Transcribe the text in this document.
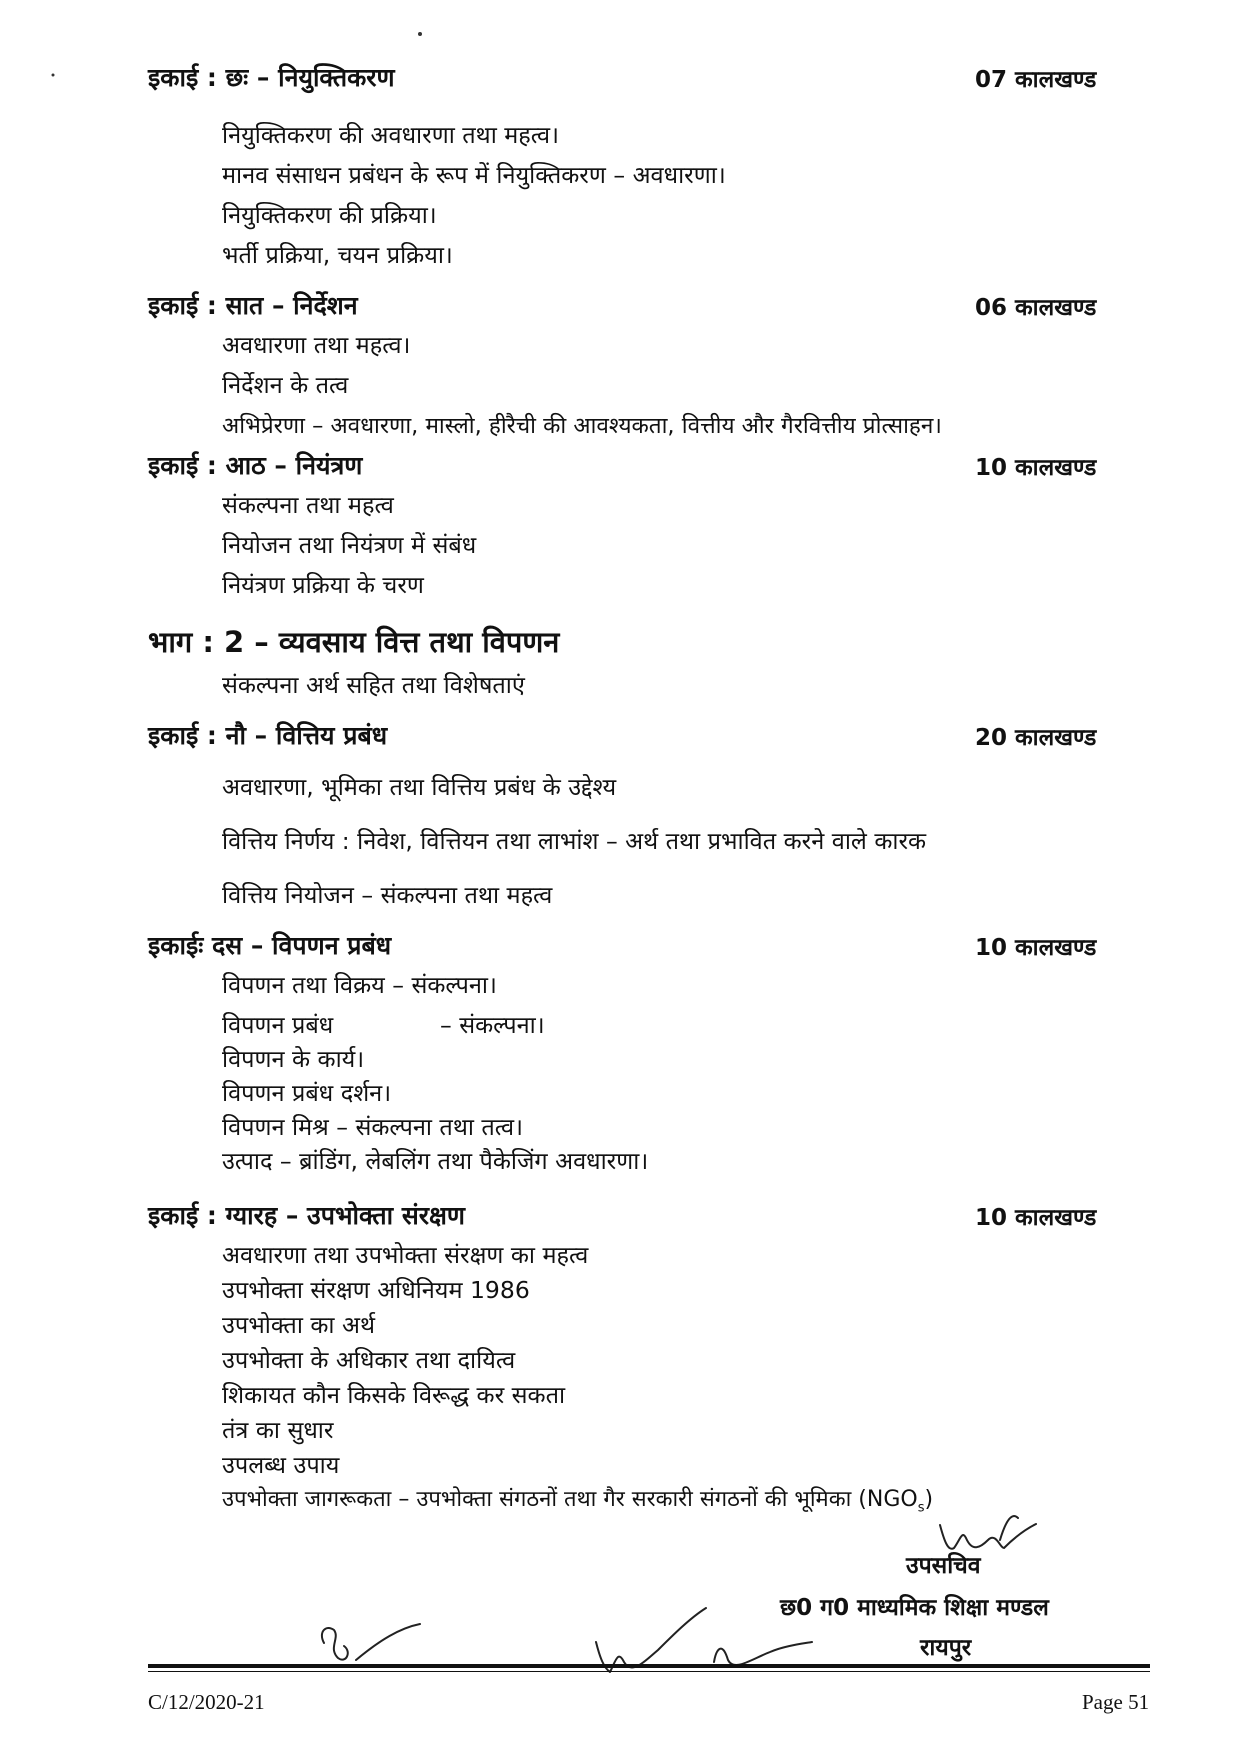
इकाई : छः – नियुक्तिकरण	07 कालखण्ड
नियुक्तिकरण की अवधारणा तथा महत्व।
मानव संसाधन प्रबंधन के रूप में नियुक्तिकरण – अवधारणा।
नियुक्तिकरण की प्रक्रिया।
भर्ती प्रक्रिया, चयन प्रक्रिया।
इकाई : सात – निर्देशन	06 कालखण्ड
अवधारणा तथा महत्व।
निर्देशन के तत्व
अभिप्रेरणा – अवधारणा, मास्लो, हीरैची की आवश्यकता, वित्तीय और गैरवित्तीय प्रोत्साहन।
इकाई : आठ – नियंत्रण	10 कालखण्ड
संकल्पना तथा महत्व
नियोजन तथा नियंत्रण में संबंध
नियंत्रण प्रक्रिया के चरण
भाग : 2 – व्यवसाय वित्त तथा विपणन
संकल्पना अर्थ सहित तथा विशेषताएं
इकाई : नौ – वित्तिय प्रबंध	20 कालखण्ड
अवधारणा, भूमिका तथा वित्तिय प्रबंध के उद्देश्य
वित्तिय निर्णय : निवेश, वित्तियन तथा लाभांश – अर्थ तथा प्रभावित करने वाले कारक
वित्तिय नियोजन – संकल्पना तथा महत्व
इकाईः दस – विपणन प्रबंध	10 कालखण्ड
विपणन तथा विक्रय – संकल्पना।
विपणन प्रबंध	– संकल्पना।
विपणन के कार्य।
विपणन प्रबंध दर्शन।
विपणन मिश्र – संकल्पना तथा तत्व।
उत्पाद – ब्रांडिंग, लेबलिंग तथा पैकेजिंग अवधारणा।
इकाई : ग्यारह – उपभोक्ता संरक्षण	10 कालखण्ड
अवधारणा तथा उपभोक्ता संरक्षण का महत्व
उपभोक्ता संरक्षण अधिनियम 1986
उपभोक्ता का अर्थ
उपभोक्ता के अधिकार तथा दायित्व
शिकायत कौन किसके विरूद्ध कर सकता
तंत्र का सुधार
उपलब्ध उपाय
उपभोक्ता जागरूकता – उपभोक्ता संगठनों तथा गैर सरकारी संगठनों की भूमिका $(NGO_s)$
उपसचिव
छ0 ग0 माध्यमिक शिक्षा मण्डल
रायपुर
C/12/2020-21	Page 51
